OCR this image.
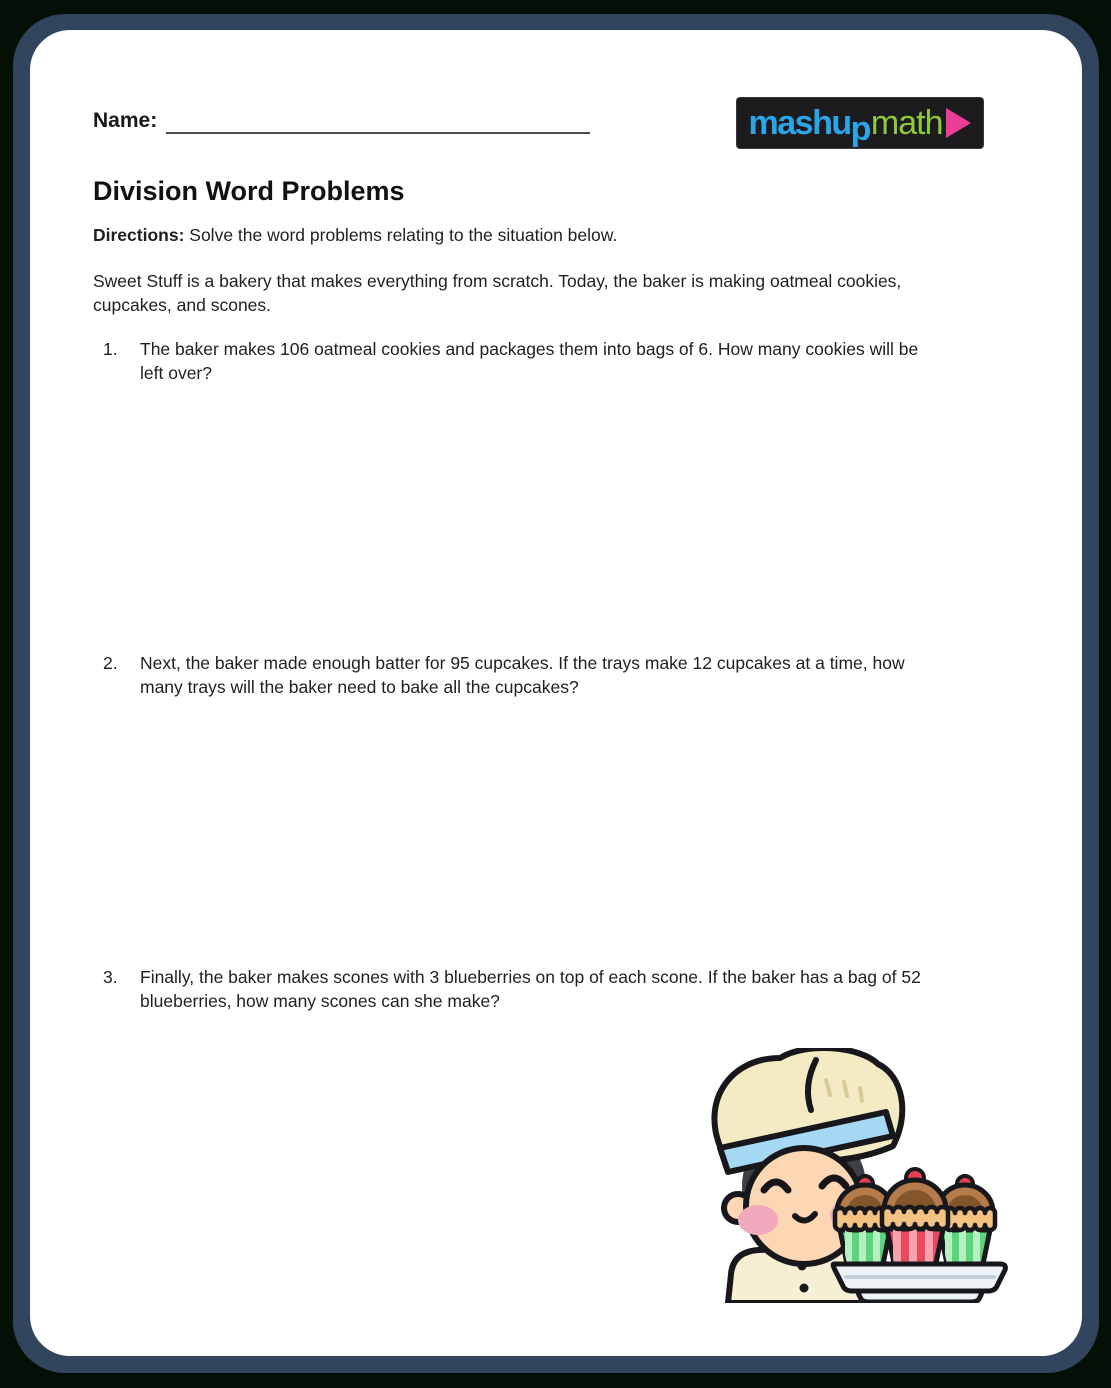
Name:	mashu p math
Division Word Problems

Directions: Solve the word problems relating to the situation below.

Sweet Stuff is a bakery that makes everything from scratch. Today, the baker is making oatmeal cookies, cupcakes, and scones.

1.	The baker makes 106 oatmeal cookies and packages them into bags of 6. How many cookies will be left over?
2.	Next, the baker made enough batter for 95 cupcakes. If the trays make 12 cupcakes at a time, how many trays will the baker need to bake all the cupcakes?
3.	Finally, the baker makes scones with 3 blueberries on top of each scone. If the baker has a bag of 52 blueberries, how many scones can she make?
